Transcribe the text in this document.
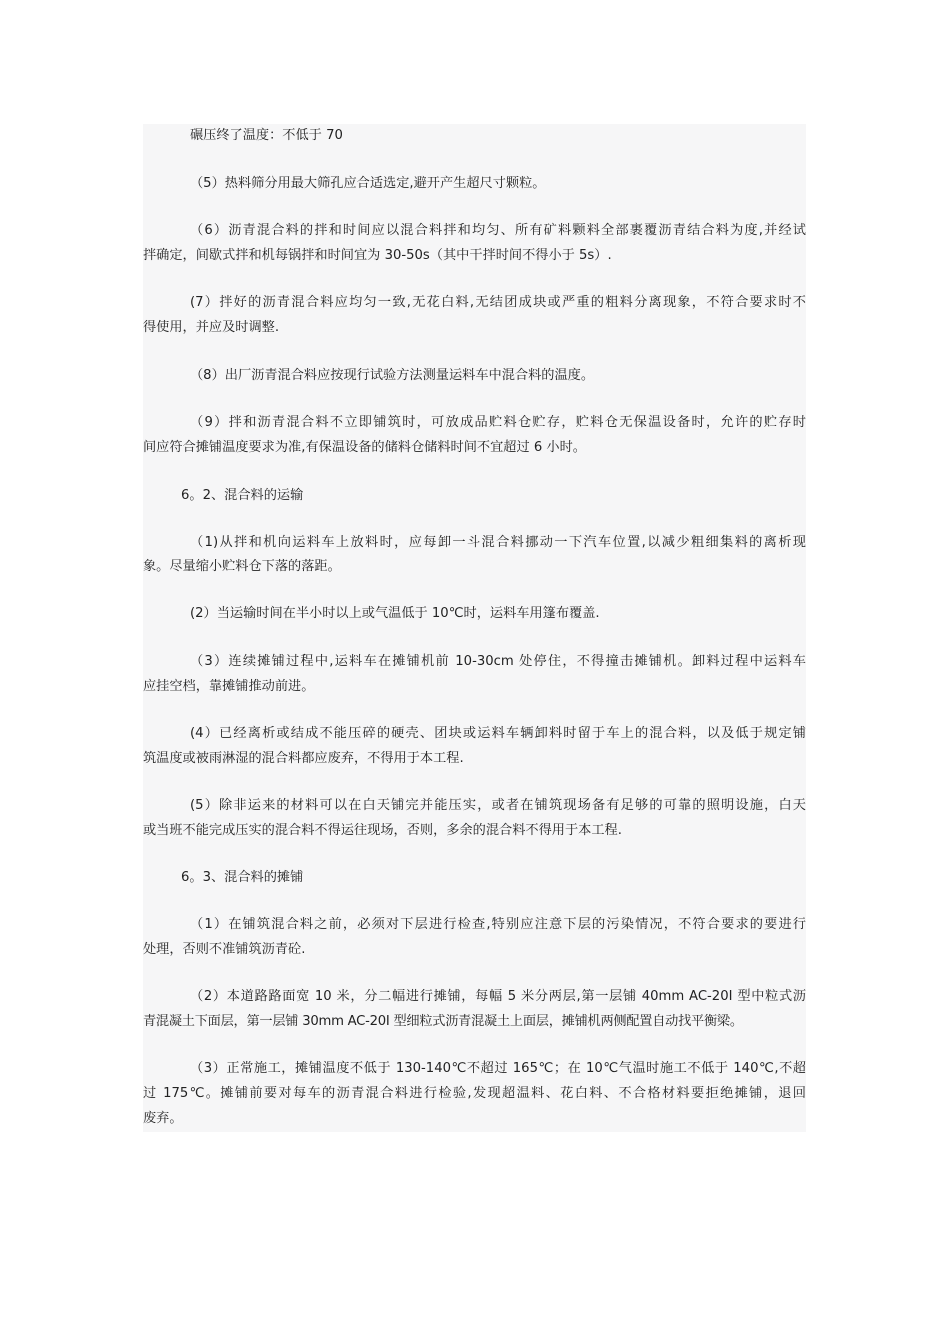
碾压终了温度：不低于 70
（5）热料筛分用最大筛孔应合适选定,避开产生超尺寸颗粒。
（6）沥青混合料的拌和时间应以混合料拌和均匀、所有矿料颗料全部裹覆沥青结合料为度,并经试
拌确定，间歇式拌和机每锅拌和时间宜为 30-50s（其中干拌时间不得小于 5s）.
(7）拌好的沥青混合料应均匀一致,无花白料,无结团成块或严重的粗料分离现象，不符合要求时不
得使用，并应及时调整.
（8）出厂沥青混合料应按现行试验方法测量运料车中混合料的温度。
（9）拌和沥青混合料不立即铺筑时，可放成品贮料仓贮存，贮料仓无保温设备时，允许的贮存时
间应符合摊铺温度要求为准,有保温设备的储料仓储料时间不宜超过 6 小时。
6。2、混合料的运输
（1)从拌和机向运料车上放料时，应每卸一斗混合料挪动一下汽车位置,以减少粗细集料的离析现
象。尽量缩小贮料仓下落的落距。
(2）当运输时间在半小时以上或气温低于 10℃时，运料车用篷布覆盖.
（3）连续摊铺过程中,运料车在摊铺机前 10-30cm 处停住，不得撞击摊铺机。卸料过程中运料车
应挂空档，靠摊铺推动前进。
(4）已经离析或结成不能压碎的硬壳、团块或运料车辆卸料时留于车上的混合料，以及低于规定铺
筑温度或被雨淋湿的混合料都应废弃，不得用于本工程.
(5）除非运来的材料可以在白天铺完并能压实，或者在铺筑现场备有足够的可靠的照明设施，白天
或当班不能完成压实的混合料不得运往现场，否则，多余的混合料不得用于本工程.
6。3、混合料的摊铺
（1）在铺筑混合料之前，必须对下层进行检查,特别应注意下层的污染情况，不符合要求的要进行
处理，否则不准铺筑沥青砼.
（2）本道路路面宽 10 米，分二幅进行摊铺，每幅 5 米分两层,第一层铺 40mm AC-20I 型中粒式沥
青混凝土下面层，第一层铺 30mm AC-20I 型细粒式沥青混凝土上面层，摊铺机两侧配置自动找平衡梁。
（3）正常施工，摊铺温度不低于 130-140℃不超过 165℃；在 10℃气温时施工不低于 140℃,不超
过 175℃。摊铺前要对每车的沥青混合料进行检验,发现超温料、花白料、不合格材料要拒绝摊铺，退回
废弃。
